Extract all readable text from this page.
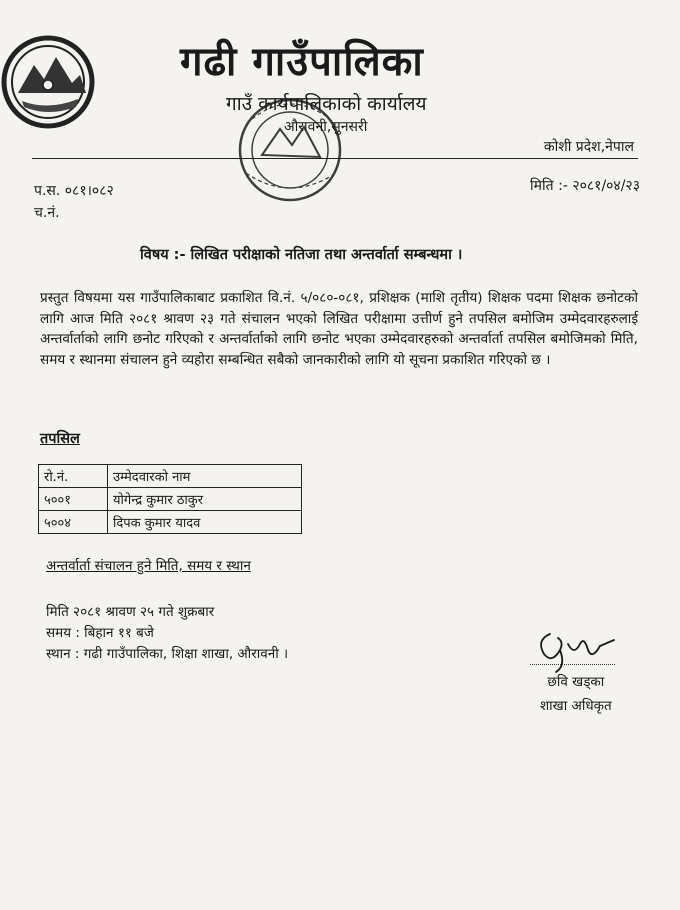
गढी गाउँपालिका
गाउँ कार्यपालिकाको कार्यालय
औरावनी,सुनसरी
कोशी प्रदेश,नेपाल
प.स. ०८१।०८२
च.नं.
मिति :- २०८१/०४/२३
विषय :- लिखित परीक्षाको नतिजा तथा अन्तर्वार्ता सम्बन्धमा ।
प्रस्तुत विषयमा यस गाउँपालिकाबाट प्रकाशित वि.नं. ५/०८०-०८१, प्रशिक्षक (माशि तृतीय) शिक्षक पदमा शिक्षक छनोटको लागि आज मिति २०८१ श्रावण २३ गते संचालन भएको लिखित परीक्षामा उत्तीर्ण हुने तपसिल बमोजिम उम्मेदवारहरुलाई अन्तर्वार्ताको लागि छनोट गरिएको र अन्तर्वार्ताको लागि छनोट भएका उम्मेदवारहरुको अन्तर्वार्ता तपसिल बमोजिमको मिति, समय र स्थानमा संचालन हुने व्यहोरा सम्बन्धित सबैको जानकारीको लागि यो सूचना प्रकाशित गरिएको छ ।
तपसिल
रो.नं.	उम्मेदवारको नाम
५००१	योगेन्द्र कुमार ठाकुर
५००४	दिपक कुमार यादव
अन्तर्वार्ता संचालन हुने मिति, समय र स्थान
मिति २०८१ श्रावण २५ गते शुक्रबार
समय : बिहान ११ बजे
स्थान : गढी गाउँपालिका, शिक्षा शाखा, औरावनी ।
छवि खड्का
शाखा अधिकृत
